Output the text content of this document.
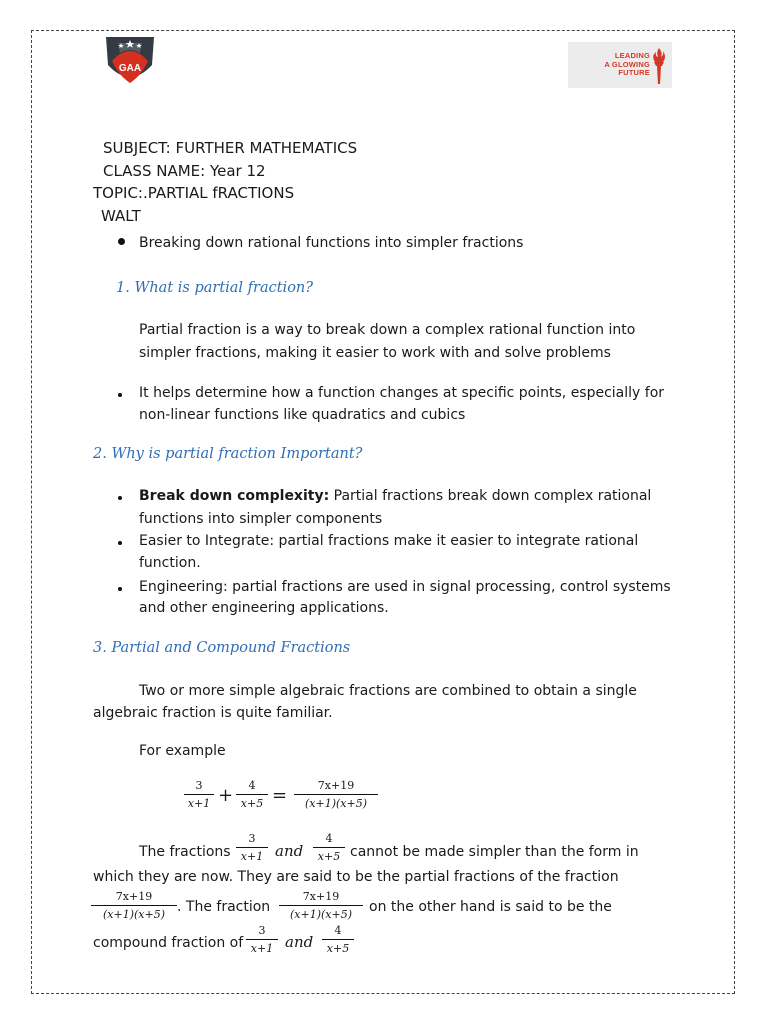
GAA
LEADING
A GLOWING
FUTURE
SUBJECT: FURTHER MATHEMATICS
CLASS NAME: Year 12
TOPIC:.PARTIAL fRACTIONS
WALT
Breaking down rational functions into simpler fractions
1. What is partial fraction?
Partial fraction is a way to break down a complex rational function into
simpler fractions, making it easier to work with and solve problems
It helps determine how a function changes at specific points, especially for
non-linear functions like quadratics and cubics
2. Why is partial fraction Important?
Break down complexity: Partial fractions break down complex rational
functions into simpler components
Easier to Integrate: partial fractions make it easier to integrate rational
function.
Engineering: partial fractions are used in signal processing, control systems
and other engineering applications.
3. Partial and Compound Fractions
Two or more simple algebraic fractions are combined to obtain a single
algebraic fraction is quite familiar.
For example
3
x+1 +	4
x+5 =	7x+19
(x+1)(x+5)
The fractions
3
x+1 and
4
x+5 cannot be made simpler than the form in
which they are now. They are said to be the partial fractions of the fraction
7x+19
(x+1)(x+5) . The fraction
7x+19
(x+1)(x+5)	on the other hand is said to be the
compound fraction of
3
x+1 and
4
x+5
